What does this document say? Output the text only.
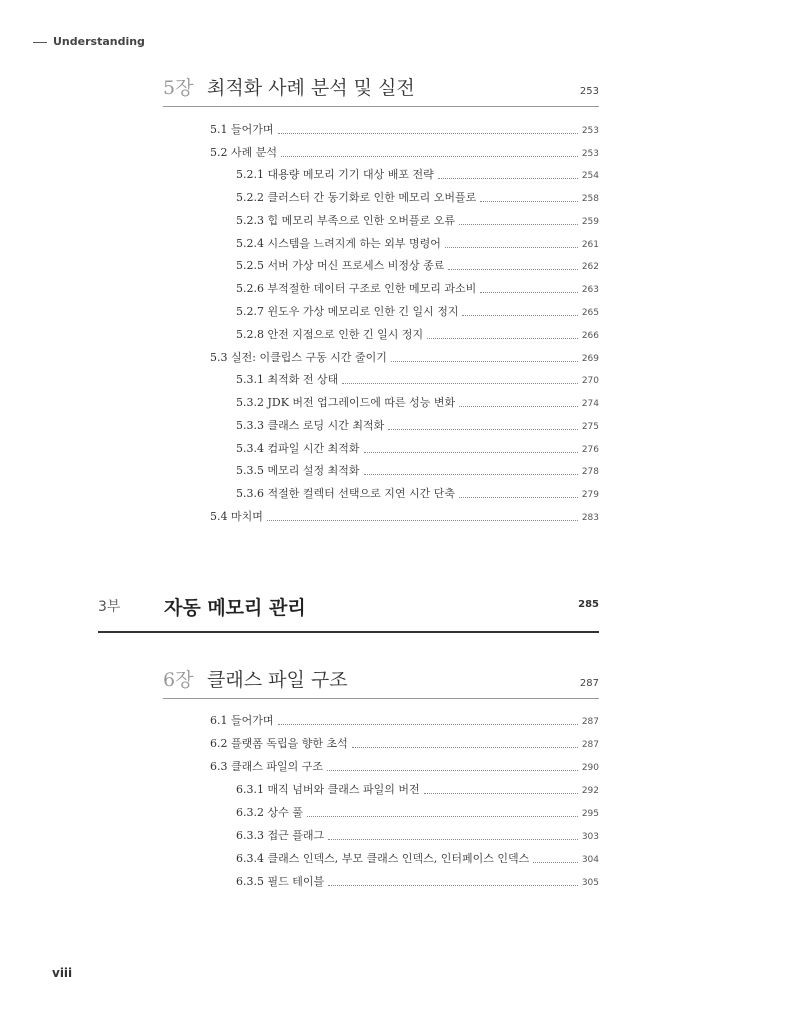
Understanding
5장 최적화 사례 분석 및 실전	253
5.1 들어가며	253
5.2 사례 분석	253
5.2.1 대용량 메모리 기기 대상 배포 전략	254
5.2.2 클러스터 간 동기화로 인한 메모리 오버플로	258
5.2.3 힙 메모리 부족으로 인한 오버플로 오류	259
5.2.4 시스템을 느려지게 하는 외부 명령어	261
5.2.5 서버 가상 머신 프로세스 비정상 종료	262
5.2.6 부적절한 데이터 구조로 인한 메모리 과소비	263
5.2.7 윈도우 가상 메모리로 인한 긴 일시 정지	265
5.2.8 안전 지점으로 인한 긴 일시 정지	266
5.3 실전: 이클립스 구동 시간 줄이기	269
5.3.1 최적화 전 상태	270
5.3.2 JDK 버전 업그레이드에 따른 성능 변화	274
5.3.3 클래스 로딩 시간 최적화	275
5.3.4 컴파일 시간 최적화	276
5.3.5 메모리 설정 최적화	278
5.3.6 적절한 컬렉터 선택으로 지연 시간 단축	279
5.4 마치며	283
3부 자동 메모리 관리	285
6장 클래스 파일 구조	287
6.1 들어가며	287
6.2 플랫폼 독립을 향한 초석	287
6.3 클래스 파일의 구조	290
6.3.1 매직 넘버와 클래스 파일의 버전	292
6.3.2 상수 풀	295
6.3.3 접근 플래그	303
6.3.4 클래스 인덱스, 부모 클래스 인덱스, 인터페이스 인덱스	304
6.3.5 필드 테이블	305
viii
